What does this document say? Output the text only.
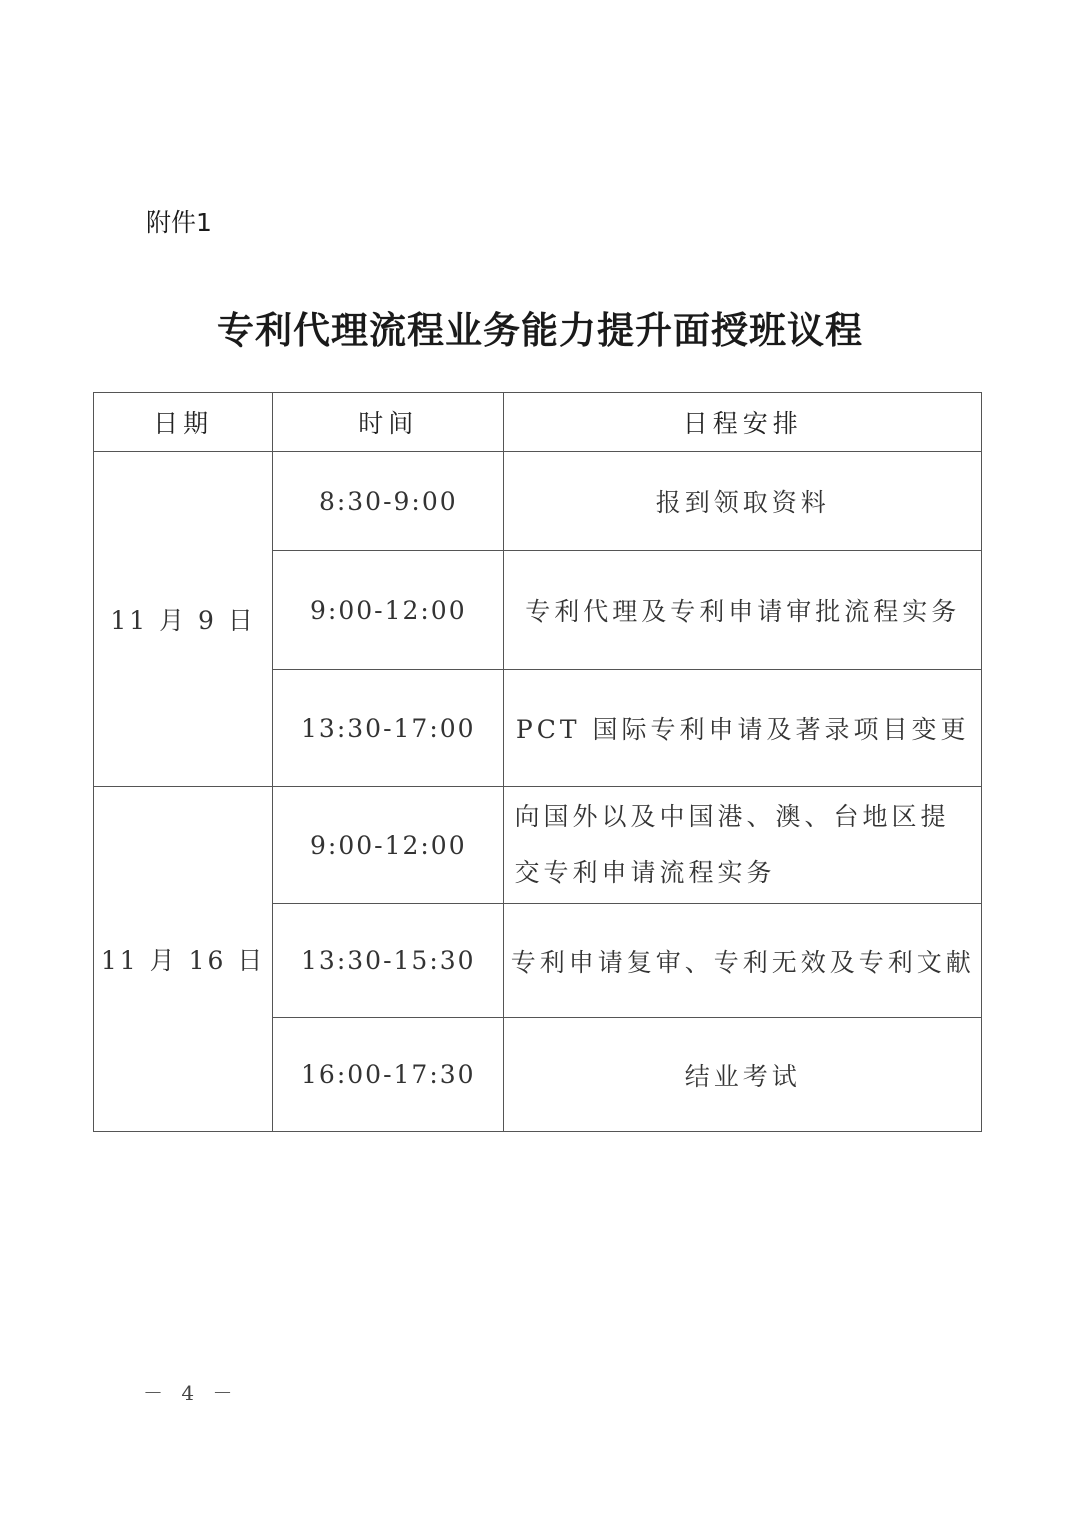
附件1
专利代理流程业务能力提升面授班议程
日期	时间	日程安排
11 月 9 日	8:30-9:00	报到领取资料
	9:00-12:00	专利代理及专利申请审批流程实务
	13:30-17:00	PCT 国际专利申请及著录项目变更
11 月 16 日	9:00-12:00	向国外以及中国港、澳、台地区提交专利申请流程实务
	13:30-15:30	专利申请复审、专利无效及专利文献
	16:00-17:30	结业考试
－ 4 －
